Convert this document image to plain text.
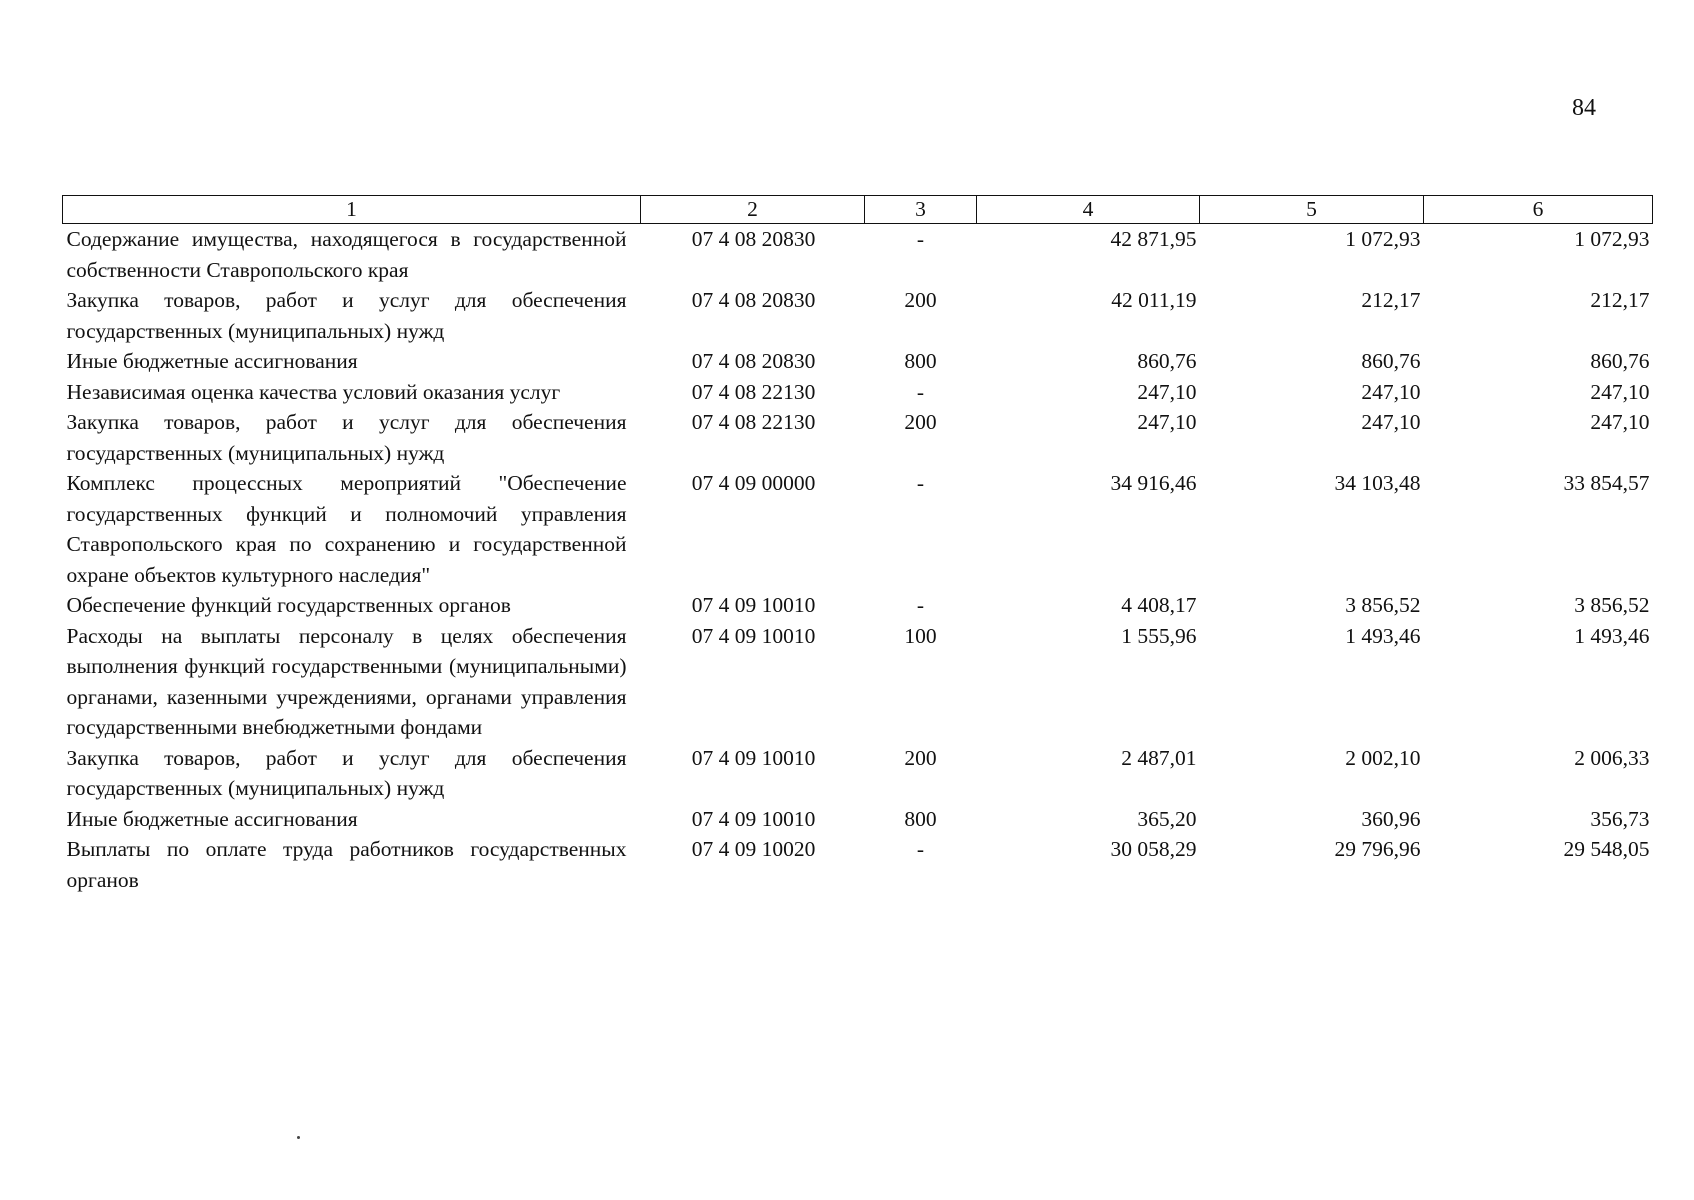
84
1	2	3	4	5	6
Содержание имущества, находящегося в государственной собственности Ставропольского края	07 4 08 20830	-	42 871,95	1 072,93	1 072,93
Закупка товаров, работ и услуг для обеспечения государственных (муниципальных) нужд	07 4 08 20830	200	42 011,19	212,17	212,17
Иные бюджетные ассигнования	07 4 08 20830	800	860,76	860,76	860,76
Независимая оценка качества условий оказания услуг	07 4 08 22130	-	247,10	247,10	247,10
Закупка товаров, работ и услуг для обеспечения государственных (муниципальных) нужд	07 4 08 22130	200	247,10	247,10	247,10
Комплекс процессных мероприятий "Обеспечение государственных функций и полномочий управления Ставропольского края по сохранению и государственной охране объектов культурного наследия"	07 4 09 00000	-	34 916,46	34 103,48	33 854,57
Обеспечение функций государственных органов	07 4 09 10010	-	4 408,17	3 856,52	3 856,52
Расходы на выплаты персоналу в целях обеспечения выполнения функций государственными (муниципальными) органами, казенными учреждениями, органами управления государственными внебюджетными фондами	07 4 09 10010	100	1 555,96	1 493,46	1 493,46
Закупка товаров, работ и услуг для обеспечения государственных (муниципальных) нужд	07 4 09 10010	200	2 487,01	2 002,10	2 006,33
Иные бюджетные ассигнования	07 4 09 10010	800	365,20	360,96	356,73
Выплаты по оплате труда работников государственных органов	07 4 09 10020	-	30 058,29	29 796,96	29 548,05
